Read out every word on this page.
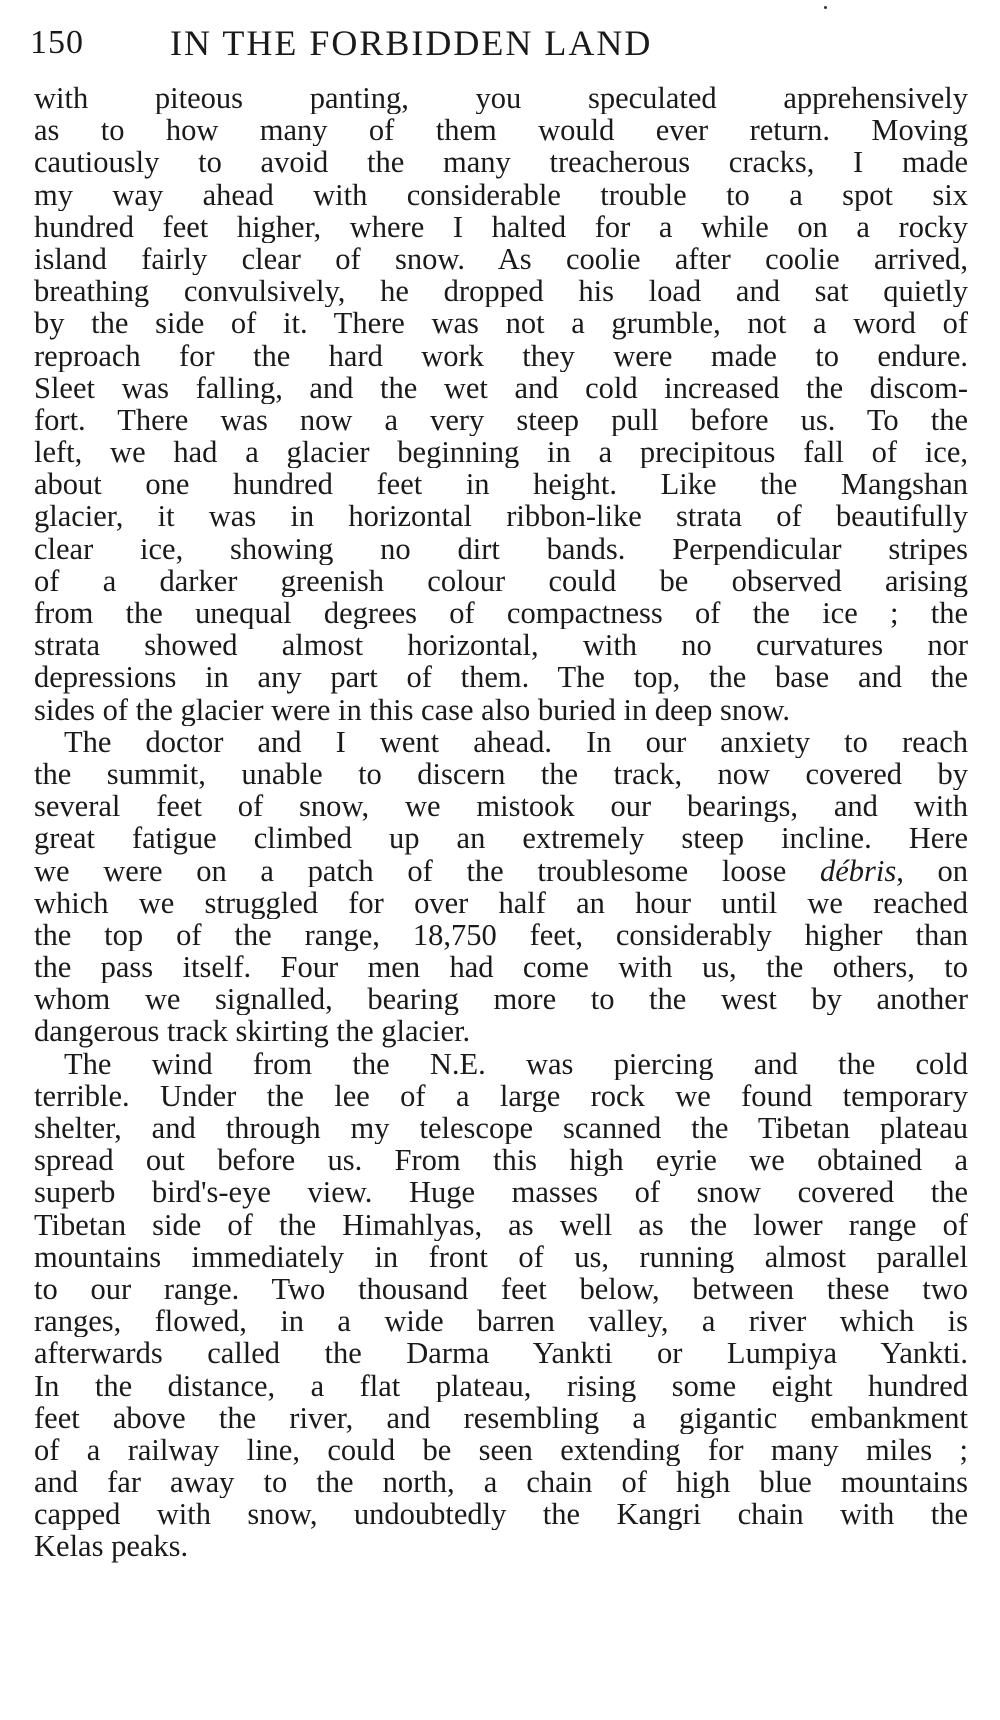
150 IN THE FORBIDDEN LAND
with piteous panting, you speculated apprehensively
as to how many of them would ever return. Moving
cautiously to avoid the many treacherous cracks, I made
my way ahead with considerable trouble to a spot six
hundred feet higher, where I halted for a while on a rocky
island fairly clear of snow. As coolie after coolie arrived,
breathing convulsively, he dropped his load and sat quietly
by the side of it. There was not a grumble, not a word of
reproach for the hard work they were made to endure.
Sleet was falling, and the wet and cold increased the discom-
fort. There was now a very steep pull before us. To the
left, we had a glacier beginning in a precipitous fall of ice,
about one hundred feet in height. Like the Mangshan
glacier, it was in horizontal ribbon-like strata of beautifully
clear ice, showing no dirt bands. Perpendicular stripes
of a darker greenish colour could be observed arising
from the unequal degrees of compactness of the ice ; the
strata showed almost horizontal, with no curvatures nor
depressions in any part of them. The top, the base and the
sides of the glacier were in this case also buried in deep snow.
The doctor and I went ahead. In our anxiety to reach
the summit, unable to discern the track, now covered by
several feet of snow, we mistook our bearings, and with
great fatigue climbed up an extremely steep incline. Here
we were on a patch of the troublesome loose débris, on
which we struggled for over half an hour until we reached
the top of the range, 18,750 feet, considerably higher than
the pass itself. Four men had come with us, the others, to
whom we signalled, bearing more to the west by another
dangerous track skirting the glacier.
The wind from the N.E. was piercing and the cold
terrible. Under the lee of a large rock we found temporary
shelter, and through my telescope scanned the Tibetan plateau
spread out before us. From this high eyrie we obtained a
superb bird's-eye view. Huge masses of snow covered the
Tibetan side of the Himahlyas, as well as the lower range of
mountains immediately in front of us, running almost parallel
to our range. Two thousand feet below, between these two
ranges, flowed, in a wide barren valley, a river which is
afterwards called the Darma Yankti or Lumpiya Yankti.
In the distance, a flat plateau, rising some eight hundred
feet above the river, and resembling a gigantic embankment
of a railway line, could be seen extending for many miles ;
and far away to the north, a chain of high blue mountains
capped with snow, undoubtedly the Kangri chain with the
Kelas peaks.
